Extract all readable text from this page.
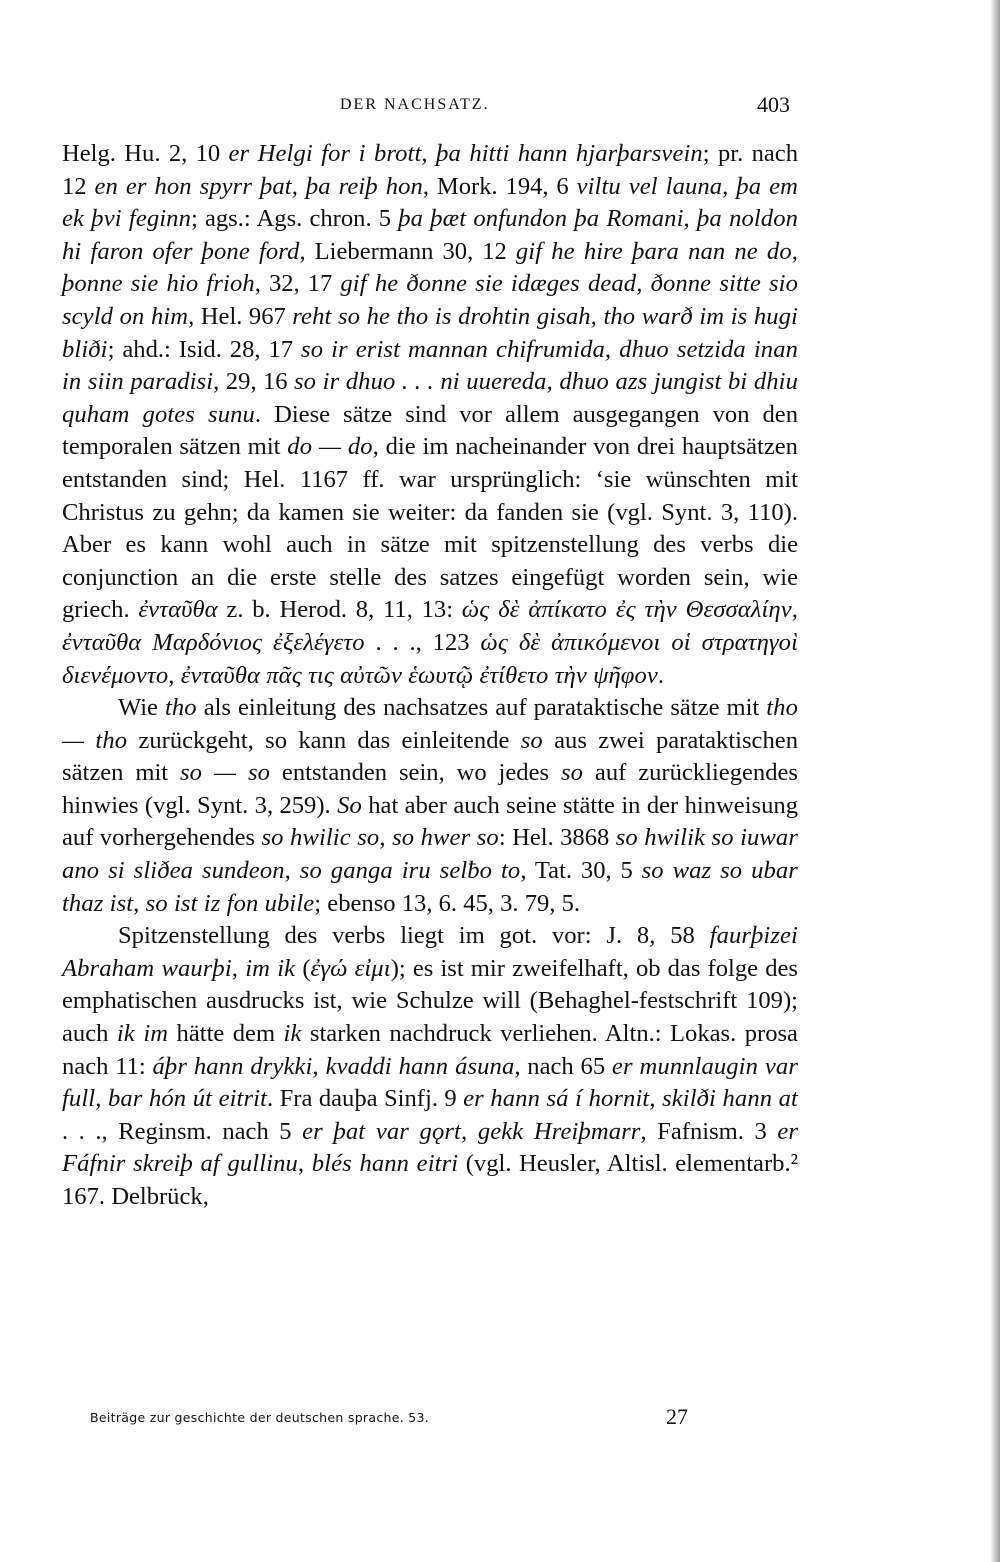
DER NACHSATZ.	403

Helg. Hu. 2, 10 er Helgi for i brott, þa hitti hann hjarþarsvein; pr. nach 12 en er hon spyrr þat, þa reiþ hon, Mork. 194, 6 viltu vel launa, þa em ek þvi feginn; ags.: Ags. chron. 5 þa þæt onfundon þa Romani, þa noldon hi faron ofer þone ford, Liebermann 30, 12 gif he hire þara nan ne do, þonne sie hio frioh, 32, 17 gif he ðonne sie idæges dead, ðonne sitte sio scyld on him, Hel. 967 reht so he tho is drohtin gisah, tho warð im is hugi bliði; ahd.: Isid. 28, 17 so ir erist mannan chifrumida, dhuo setzida inan in siin paradisi, 29, 16 so ir dhuo . . . ni uuereda, dhuo azs jungist bi dhiu quham gotes sunu. Diese sätze sind vor allem ausgegangen von den temporalen sätzen mit do — do, die im nacheinander von drei hauptsätzen entstanden sind; Hel. 1167 ff. war ursprünglich: ‘sie wünschten mit Christus zu gehn; da kamen sie weiter: da fanden sie (vgl. Synt. 3, 110). Aber es kann wohl auch in sätze mit spitzenstellung des verbs die conjunction an die erste stelle des satzes eingefügt worden sein, wie griech. ἐνταῦθα z. b. Herod. 8, 11, 13: ὡς δὲ ἀπίκατο ἐς τὴν Θεσσαλίην, ἐνταῦθα Μαρδόνιος ἐξελέγετο . . ., 123 ὡς δὲ ἀπικόμενοι οἱ στρατηγοὶ διενέμοντο, ἐνταῦθα πᾶς τις αὐτῶν ἑωυτῷ ἐτίθετο τὴν ψῆφον.

Wie tho als einleitung des nachsatzes auf parataktische sätze mit tho — tho zurückgeht, so kann das einleitende so aus zwei parataktischen sätzen mit so — so entstanden sein, wo jedes so auf zurückliegendes hinwies (vgl. Synt. 3, 259). So hat aber auch seine stätte in der hinweisung auf vorhergehendes so hwilic so, so hwer so: Hel. 3868 so hwilik so iuwar ano si sliðea sundeon, so ganga iru selƀo to, Tat. 30, 5 so waz so ubar thaz ist, so ist iz fon ubile; ebenso 13, 6. 45, 3. 79, 5.

Spitzenstellung des verbs liegt im got. vor: J. 8, 58 faurþizei Abraham waurþi, im ik (ἐγώ εἰμι); es ist mir zweifelhaft, ob das folge des emphatischen ausdrucks ist, wie Schulze will (Behaghel-festschrift 109); auch ik im hätte dem ik starken nachdruck verliehen. Altn.: Lokas. prosa nach 11: áþr hann drykki, kvaddi hann ásuna, nach 65 er munnlaugin var full, bar hón út eitrit. Fra dauþa Sinfj. 9 er hann sá í hornit, skilði hann at . . ., Reginsm. nach 5 er þat var gǫrt, gekk Hreiþmarr, Fafnism. 3 er Fáfnir skreiþ af gullinu, blés hann eitri (vgl. Heusler, Altisl. elementarb.² 167. Delbrück,

Beiträge zur geschichte der deutschen sprache. 53.	27
